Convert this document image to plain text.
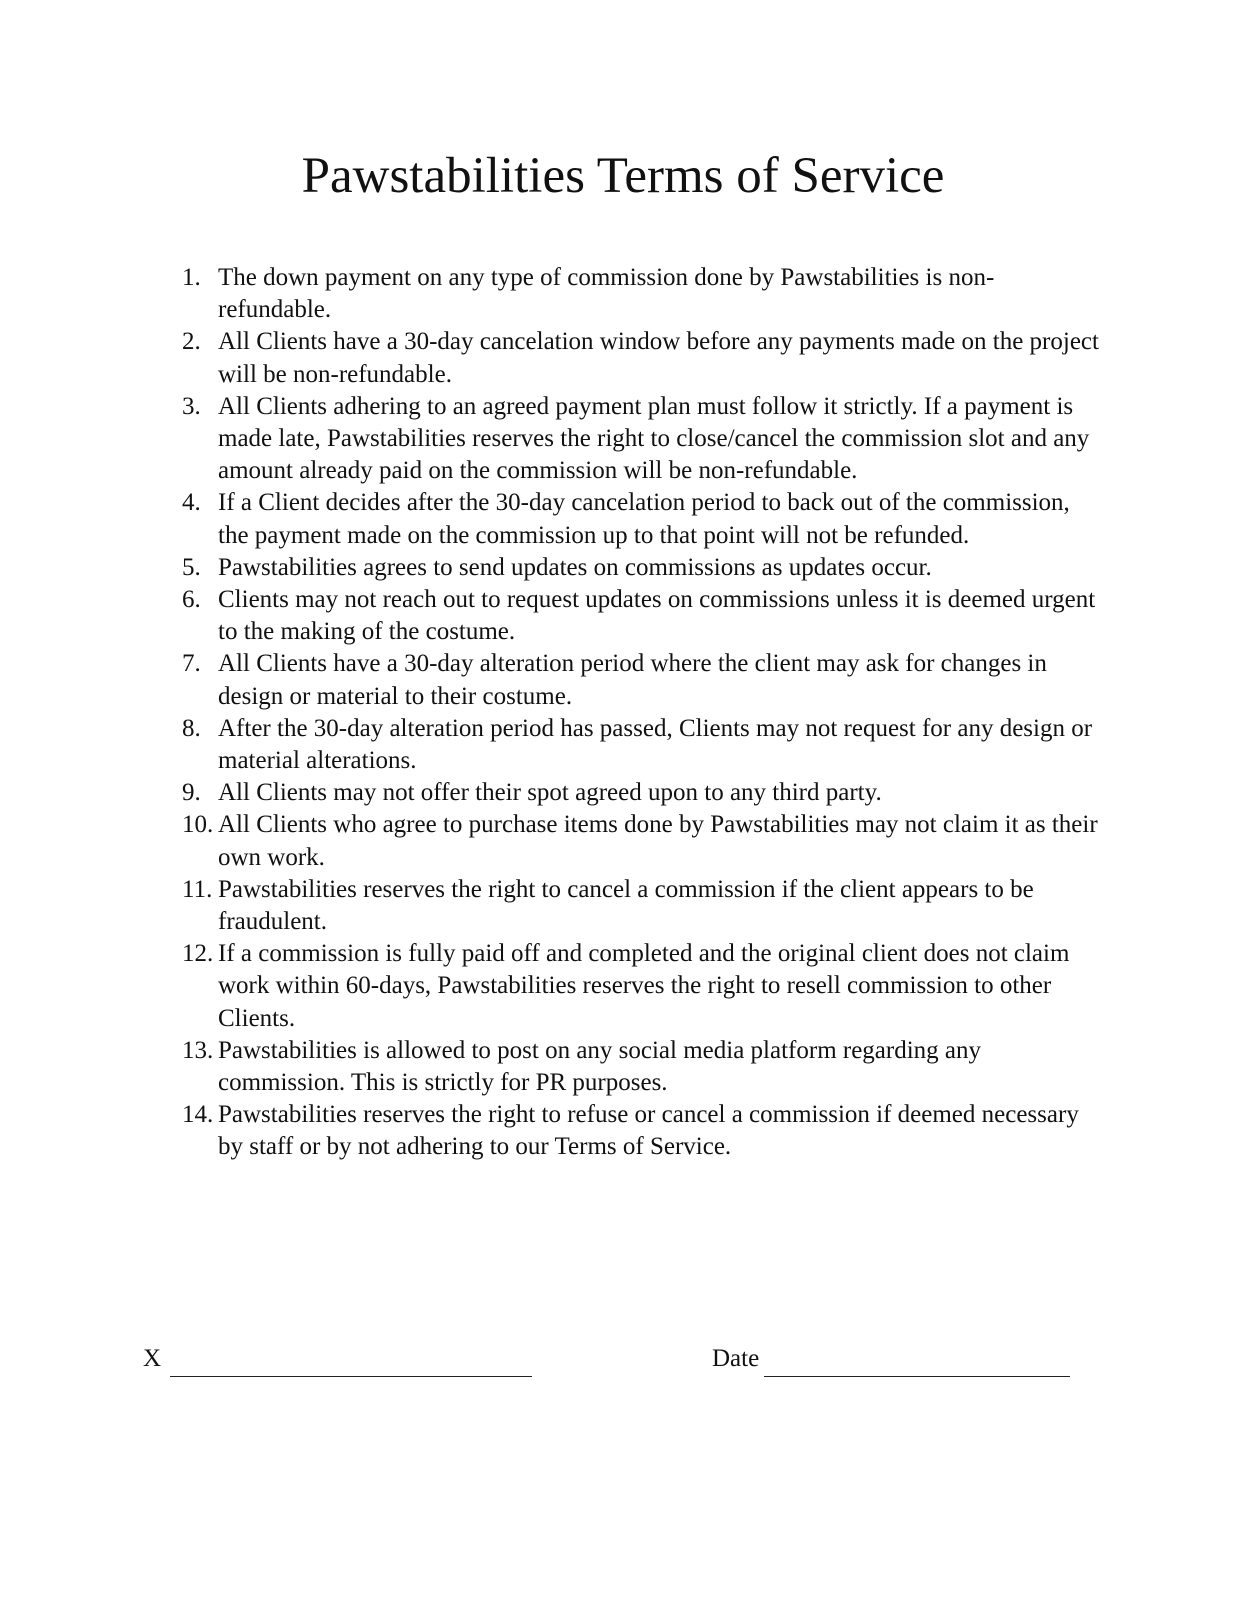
Pawstabilities Terms of Service
1. The down payment on any type of commission done by Pawstabilities is non-refundable.
2. All Clients have a 30-day cancelation window before any payments made on the project will be non-refundable.
3. All Clients adhering to an agreed payment plan must follow it strictly. If a payment is made late, Pawstabilities reserves the right to close/cancel the commission slot and any amount already paid on the commission will be non-refundable.
4. If a Client decides after the 30-day cancelation period to back out of the commission, the payment made on the commission up to that point will not be refunded.
5. Pawstabilities agrees to send updates on commissions as updates occur.
6. Clients may not reach out to request updates on commissions unless it is deemed urgent to the making of the costume.
7. All Clients have a 30-day alteration period where the client may ask for changes in design or material to their costume.
8. After the 30-day alteration period has passed, Clients may not request for any design or material alterations.
9. All Clients may not offer their spot agreed upon to any third party.
10. All Clients who agree to purchase items done by Pawstabilities may not claim it as their own work.
11. Pawstabilities reserves the right to cancel a commission if the client appears to be fraudulent.
12. If a commission is fully paid off and completed and the original client does not claim work within 60-days, Pawstabilities reserves the right to resell commission to other Clients.
13. Pawstabilities is allowed to post on any social media platform regarding any commission. This is strictly for PR purposes.
14. Pawstabilities reserves the right to refuse or cancel a commission if deemed necessary by staff or by not adhering to our Terms of Service.
X	Date
